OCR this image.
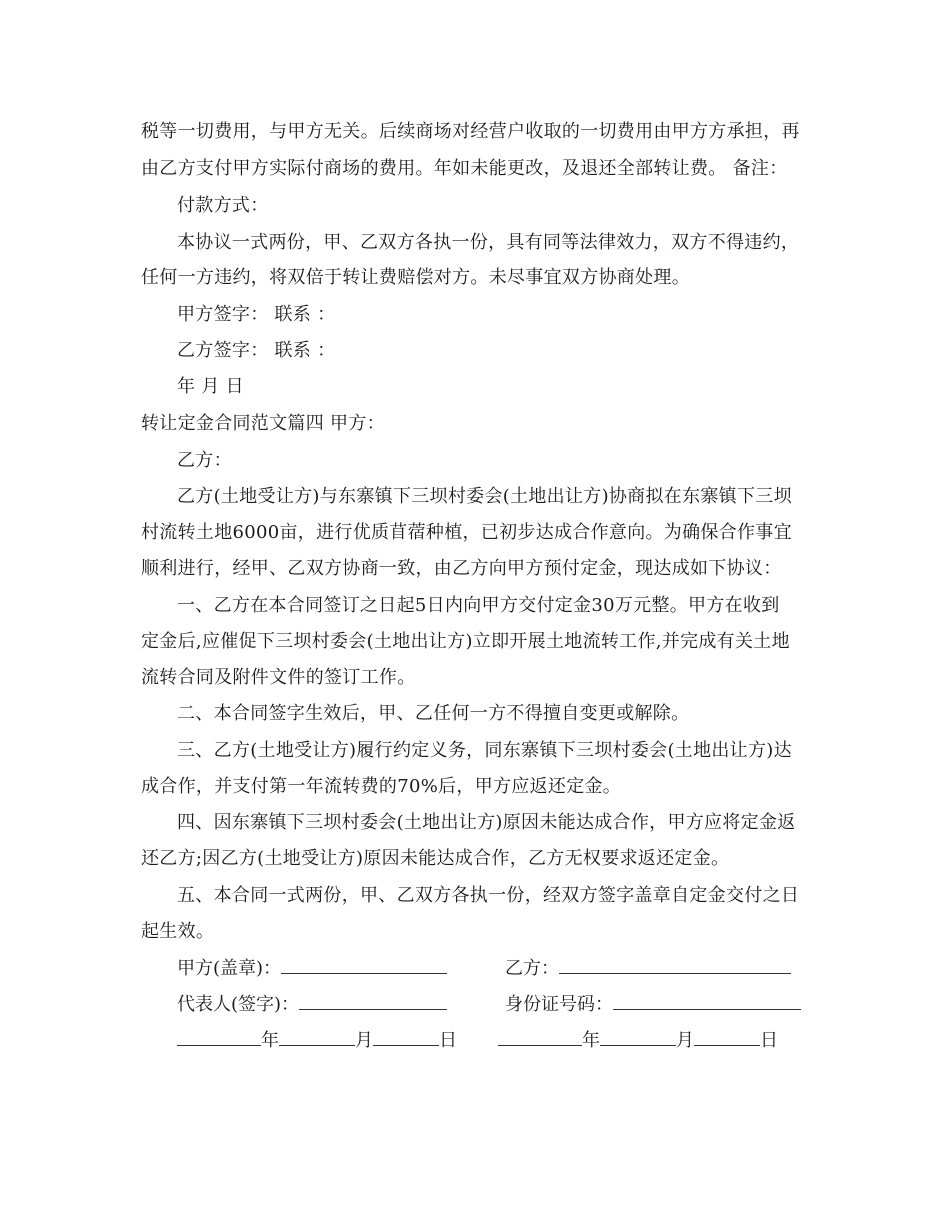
税等一切费用，与甲方无关。后续商场对经营户收取的一切费用由甲方方承担，再
由乙方支付甲方实际付商场的费用。年如未能更改，及退还全部转让费。 备注：
付款方式：
本协议一式两份，甲、乙双方各执一份，具有同等法律效力，双方不得违约，
任何一方违约，将双倍于转让费赔偿对方。未尽事宜双方协商处理。
甲方签字： 联系 ：
乙方签字： 联系 ：
年 月 日
转让定金合同范文篇四 甲方：
乙方：
乙方(土地受让方)与东寨镇下三坝村委会(土地出让方)协商拟在东寨镇下三坝
村流转土地6000亩，进行优质苜蓿种植，已初步达成合作意向。为确保合作事宜
顺利进行，经甲、乙双方协商一致，由乙方向甲方预付定金，现达成如下协议：
一、乙方在本合同签订之日起5日内向甲方交付定金30万元整。甲方在收到
定金后,应催促下三坝村委会(土地出让方)立即开展土地流转工作,并完成有关土地
流转合同及附件文件的签订工作。
二、本合同签字生效后，甲、乙任何一方不得擅自变更或解除。
三、乙方(土地受让方)履行约定义务，同东寨镇下三坝村委会(土地出让方)达
成合作，并支付第一年流转费的70%后，甲方应返还定金。
四、因东寨镇下三坝村委会(土地出让方)原因未能达成合作，甲方应将定金返
还乙方;因乙方(土地受让方)原因未能达成合作，乙方无权要求返还定金。
五、本合同一式两份，甲、乙双方各执一份，经双方签字盖章自定金交付之日
起生效。
甲方(盖章)：	乙方：
代表人(签字)：	身份证号码：
年	月	日	年	月	日
